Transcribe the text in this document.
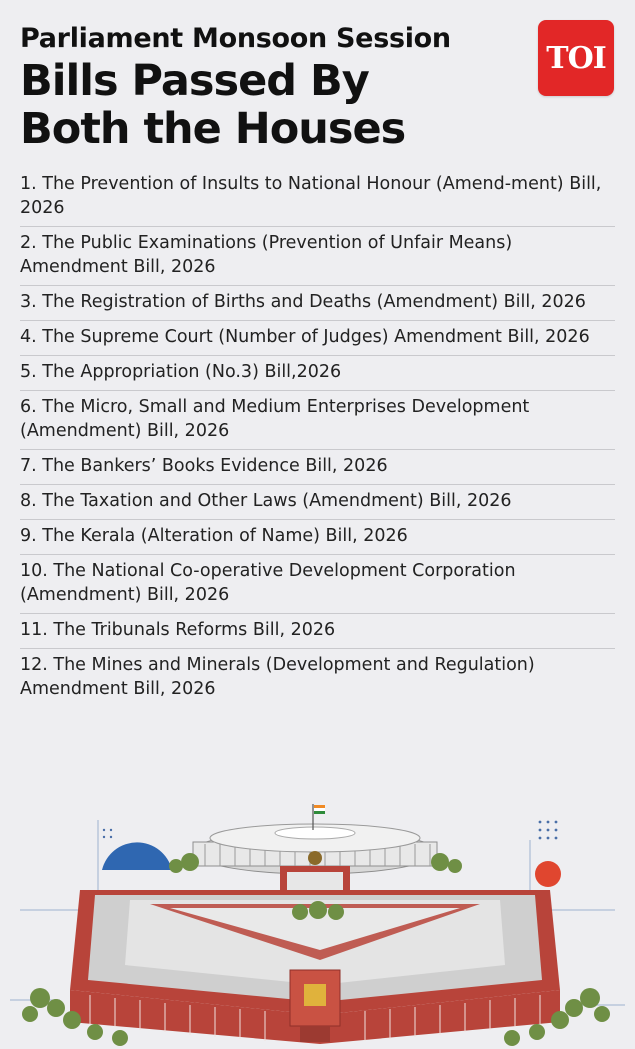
Parliament Monsoon Session
Bills Passed By
Both the Houses
TOI
1. The Prevention of Insults to National Honour (Amend-ment) Bill, 2026
2. The Public Examinations (Prevention of Unfair Means) Amendment Bill, 2026
3. The Registration of Births and Deaths (Amendment) Bill, 2026
4. The Supreme Court (Number of Judges) Amendment Bill, 2026
5. The Appropriation (No.3) Bill,2026
6. The Micro, Small and Medium Enterprises Development (Amendment) Bill, 2026
7. The Bankers’ Books Evidence Bill, 2026
8. The Taxation and Other Laws (Amendment) Bill, 2026
9. The Kerala (Alteration of Name) Bill, 2026
10. The National Co-operative Development Corporation (Amendment) Bill, 2026
11. The Tribunals Reforms Bill, 2026
12. The Mines and Minerals (Development and Regulation) Amendment Bill, 2026
